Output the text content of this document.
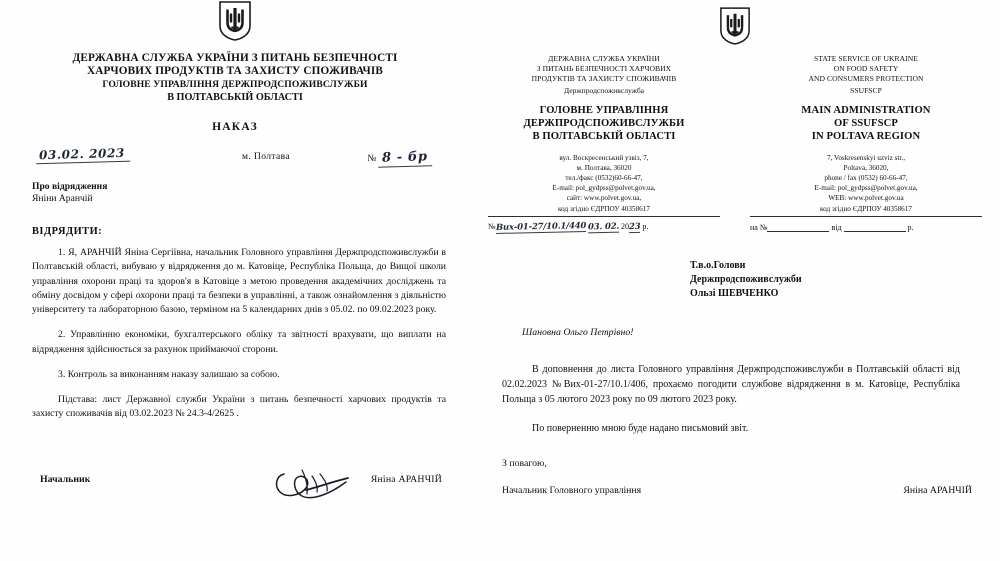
ДЕРЖАВНА СЛУЖБА УКРАЇНИ З ПИТАНЬ БЕЗПЕЧНОСТІ
ХАРЧОВИХ ПРОДУКТІВ ТА ЗАХИСТУ СПОЖИВАЧІВ
ГОЛОВНЕ УПРАВЛІННЯ ДЕРЖПРОДСПОЖИВСЛУЖБИ
В ПОЛТАВСЬКІЙ ОБЛАСТІ
НАКАЗ
03.02. 2023	м. Полтава	№ 8 - бр
Про відрядження
Яніни Аранчій
ВІДРЯДИТИ:

1. Я, АРАНЧІЙ Яніна Сергіївна, начальник Головного управління Держпродспоживслужби в Полтавській області, вибуваю у відрядження до м. Катовіце, Республіка Польща, до Вищої школи управління охорони праці та здоров'я в Катовіце з метою проведення академічних досліджень та обміну досвідом у сфері охорони праці та безпеки в управлінні, а також ознайомлення з діяльністю університету та лабораторною базою, терміном на 5 календарних днів з 05.02. по 09.02.2023 року.

2. Управлінню економіки, бухгалтерського обліку та звітності врахувати, що виплати на відрядження здійснюється за рахунок приймаючої сторони.

3. Контроль за виконанням наказу залишаю за собою.

Підстава: лист Державної служби України з питань безпечності харчових продуктів та захисту споживачів від 03.02.2023 № 24.3-4/2625 .

Начальник	Яніна АРАНЧІЙ
ДЕРЖАВНА СЛУЖБА УКРАЇНИ
З ПИТАНЬ БЕЗПЕЧНОСТІ ХАРЧОВИХ
ПРОДУКТІВ ТА ЗАХИСТУ СПОЖИВАЧІВ
Держпродспоживслужба
ГОЛОВНЕ УПРАВЛІННЯ
ДЕРЖПРОДСПОЖИВСЛУЖБИ
В ПОЛТАВСЬКІЙ ОБЛАСТІ
вул. Воскресенський узвіз, 7,
м. Полтава, 36020
тел./факс (0532)60-66-47,
E-mail: pol_gydpss@polvet.gov.ua,
сайт: www.polvet.gov.ua,
код згідно ЄДРПОУ 40358617
STATE SERVICE OF UKRAINE
ON FOOD SAFETY
AND CONSUMERS PROTECTION
SSUFSCP
MAIN ADMINISTRATION
OF SSUFSCP
IN POLTAVA REGION
7, Voskresenskyi uzviz str.,
Poltava, 36020,
phone / fax (0532) 60-66-47,
E-mail: pol_gydpss@polvet.gov.ua,
WEB: www.polvet.gov.ua
код згідно ЄДРПОУ 40358617
№Вих-01-27/10.1/440 03. 02. 2023 р.	на №	від	р.
Т.в.о.Голови
Держпродспоживслужби
Ользі ШЕВЧЕНКО
Шановна Ольго Петрівно!

В доповнення до листа Головного управління Держпродспоживслужби в Полтавській області від 02.02.2023 №Вих-01-27/10.1/406, прохаємо погодити службове відрядження в м. Катовіце, Республіка Польща з 05 лютого 2023 року по 09 лютого 2023 року.

По поверненню мною буде надано письмовий звіт.

З повагою,
Начальник Головного управління	Яніна АРАНЧІЙ
